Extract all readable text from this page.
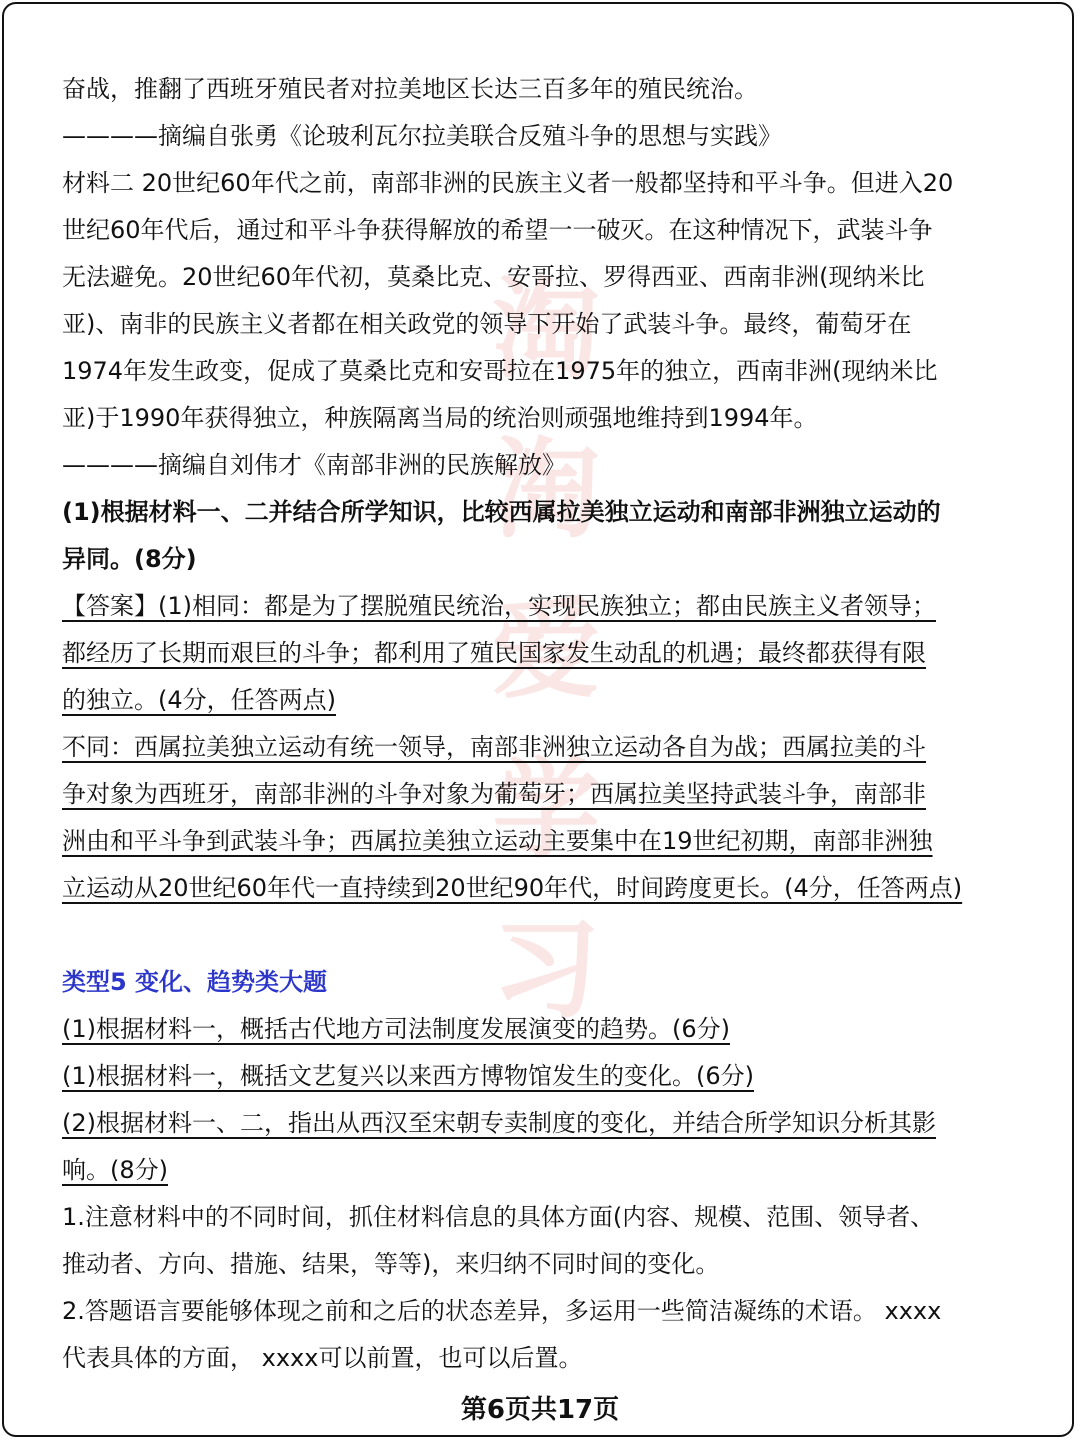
淘
淘
爱
学
习
奋战，推翻了西班牙殖民者对拉美地区长达三百多年的殖民统治。
————摘编自张勇《论玻利瓦尔拉美联合反殖斗争的思想与实践》
材料二 20世纪60年代之前，南部非洲的民族主义者一般都坚持和平斗争。但进入20
世纪60年代后，通过和平斗争获得解放的希望一一破灭。在这种情况下，武装斗争
无法避免。20世纪60年代初，莫桑比克、安哥拉、罗得西亚、西南非洲(现纳米比
亚)、南非的民族主义者都在相关政党的领导下开始了武装斗争。最终，葡萄牙在
1974年发生政变，促成了莫桑比克和安哥拉在1975年的独立，西南非洲(现纳米比
亚)于1990年获得独立，种族隔离当局的统治则顽强地维持到1994年。
————摘编自刘伟才《南部非洲的民族解放》
(1)根据材料一、二并结合所学知识，比较西属拉美独立运动和南部非洲独立运动的
异同。(8分)
【答案】(1)相同：都是为了摆脱殖民统治，实现民族独立；都由民族主义者领导；
都经历了长期而艰巨的斗争；都利用了殖民国家发生动乱的机遇；最终都获得有限
的独立。(4分，任答两点)
不同：西属拉美独立运动有统一领导，南部非洲独立运动各自为战；西属拉美的斗
争对象为西班牙，南部非洲的斗争对象为葡萄牙；西属拉美坚持武装斗争，南部非
洲由和平斗争到武装斗争；西属拉美独立运动主要集中在19世纪初期，南部非洲独
立运动从20世纪60年代一直持续到20世纪90年代，时间跨度更长。(4分，任答两点)
类型5 变化、趋势类大题
(1)根据材料一，概括古代地方司法制度发展演变的趋势。(6分)
(1)根据材料一，概括文艺复兴以来西方博物馆发生的变化。(6分)
(2)根据材料一、二，指出从西汉至宋朝专卖制度的变化，并结合所学知识分析其影
响。(8分)
1.注意材料中的不同时间，抓住材料信息的具体方面(内容、规模、范围、领导者、
推动者、方向、措施、结果，等等)，来归纳不同时间的变化。
2.答题语言要能够体现之前和之后的状态差异，多运用一些简洁凝练的术语。 xxxx
代表具体的方面， xxxx可以前置，也可以后置。
第6页共17页
